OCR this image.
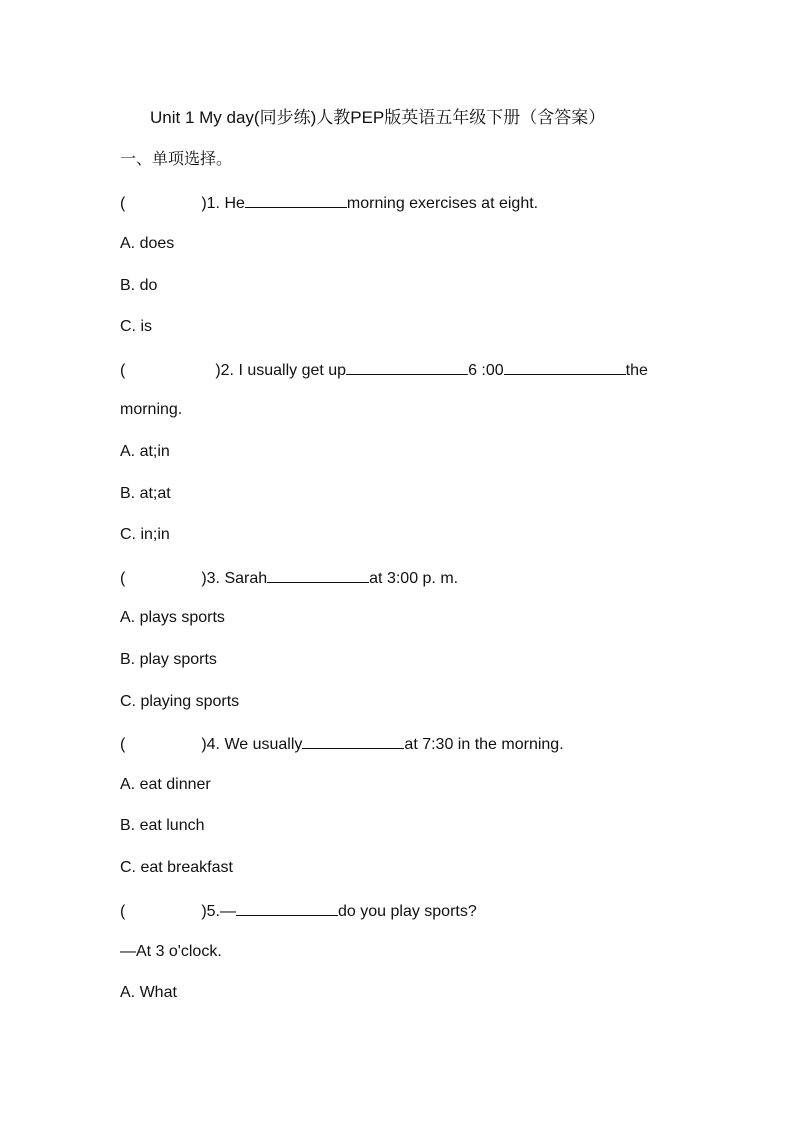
Unit 1 My day(同步练)人教PEP版英语五年级下册（含答案）
一、单项选择。
(	)1. He	morning exercises at eight.
A. does
B. do
C. is
(	)2. I usually get up	6 :00	the
morning.
A. at;in
B. at;at
C. in;in
(	)3. Sarah	at 3:00 p. m.
A. plays sports
B. play sports
C. playing sports
(	)4. We usually	at 7:30 in the morning.
A. eat dinner
B. eat lunch
C. eat breakfast
(	)5.—	do you play sports?
—At 3 o'clock.
A. What
